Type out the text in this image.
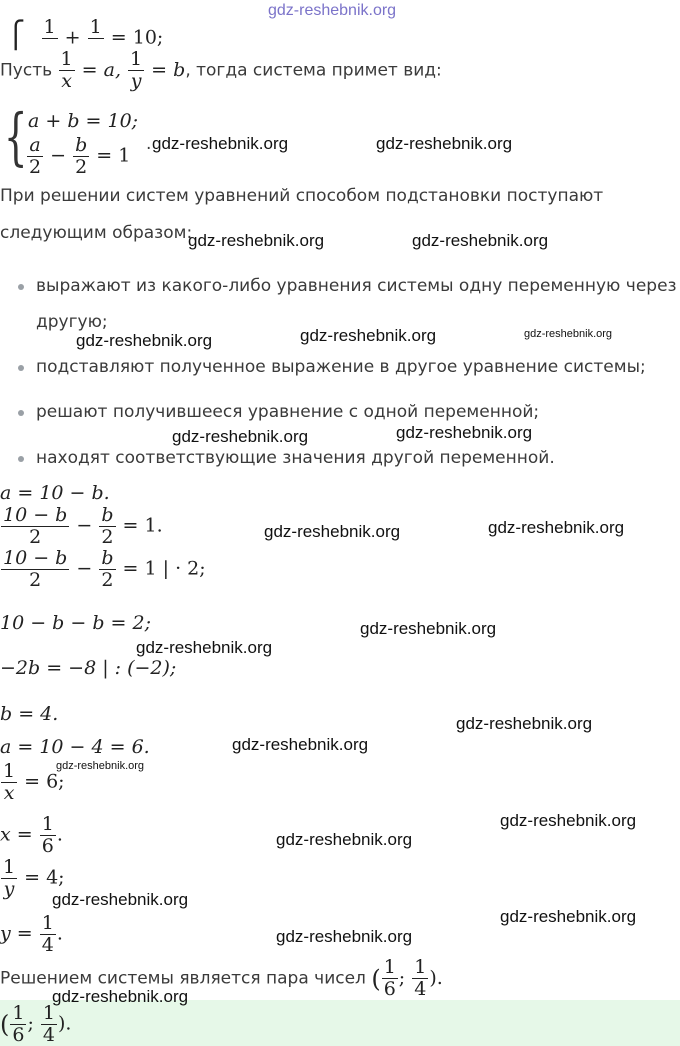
gdz-reshebnik.org
⎧ 1 + 1 = 10;
Пусть $\frac{1}{x} = a$, $\frac{1}{y} = b$, тогда система примет вид:
{ a + b = 10;
$\frac{a}{2} - \frac{b}{2} = 1$
.
При решении систем уравнений способом подстановки поступают
следующим образом:
выражают из какого-либо уравнения системы одну переменную через
другую;
подставляют полученное выражение в другое уравнение системы;
решают получившееся уравнение с одной переменной;
находят соответствующие значения другой переменной.
a = 10 − b.
$\frac{10 - b}{2} - \frac{b}{2} = 1$.
$\frac{10 - b}{2} - \frac{b}{2} = 1$ | · 2;
10 − b − b = 2;
−2b = −8 | : (−2);
b = 4.
a = 10 − 4 = 6.
$\frac{1}{x} = 6$;
$x = \frac{1}{6}$ .
$\frac{1}{y} = 4$;
$y = \frac{1}{4}$ .
Решением системы является пара чисел ( $\frac{1}{6}$ ; $\frac{1}{4}$ ).
( $\frac{1}{6}$ ; $\frac{1}{4}$ ).
gdz-reshebnik.org	gdz-reshebnik.org
gdz-reshebnik.org	gdz-reshebnik.org
gdz-reshebnik.org	gdz-reshebnik.org	gdz-reshebnik.org
gdz-reshebnik.org	gdz-reshebnik.org
gdz-reshebnik.org	gdz-reshebnik.org
gdz-reshebnik.org
gdz-reshebnik.org
gdz-reshebnik.org
gdz-reshebnik.org
gdz-reshebnik.org
gdz-reshebnik.org
gdz-reshebnik.org
gdz-reshebnik.org
gdz-reshebnik.org
gdz-reshebnik.org
gdz-reshebnik.org
